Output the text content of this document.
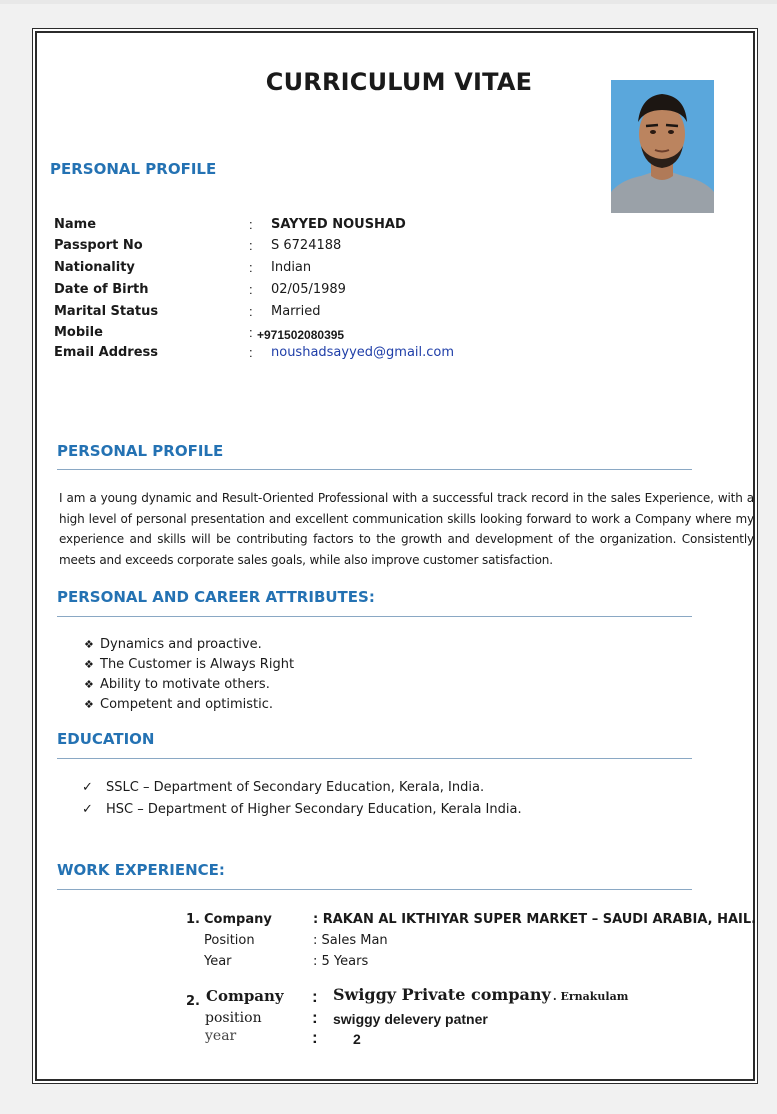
CURRICULUM VITAE
PERSONAL PROFILE
Name	: SAYYED NOUSHAD
Passport No	: S 6724188
Nationality	: Indian
Date of Birth	: 02/05/1989
Marital Status	: Married
Mobile	: +971502080395
Email Address	: noushadsayyed@gmail.com
PERSONAL PROFILE
I am a young dynamic and Result-Oriented Professional with a successful track record in the sales Experience, with a high level of personal presentation and excellent communication skills looking forward to work a Company where my experience and skills will be contributing factors to the growth and development of the organization. Consistently meets and exceeds corporate sales goals, while also improve customer satisfaction.
PERSONAL AND CAREER ATTRIBUTES:
❖ Dynamics and proactive.
❖ The Customer is Always Right
❖ Ability to motivate others.
❖ Competent and optimistic.
EDUCATION
✓ SSLC – Department of Secondary Education, Kerala, India.
✓ HSC – Department of Higher Secondary Education, Kerala India.
WORK EXPERIENCE:
1. Company	: RAKAN AL IKTHIYAR SUPER MARKET – SAUDI ARABIA, HAIL.
Position	: Sales Man
Year	: 5 Years
2. Company : Swiggy Private company . Ernakulam
position	: swiggy delevery patner
year	:	2
